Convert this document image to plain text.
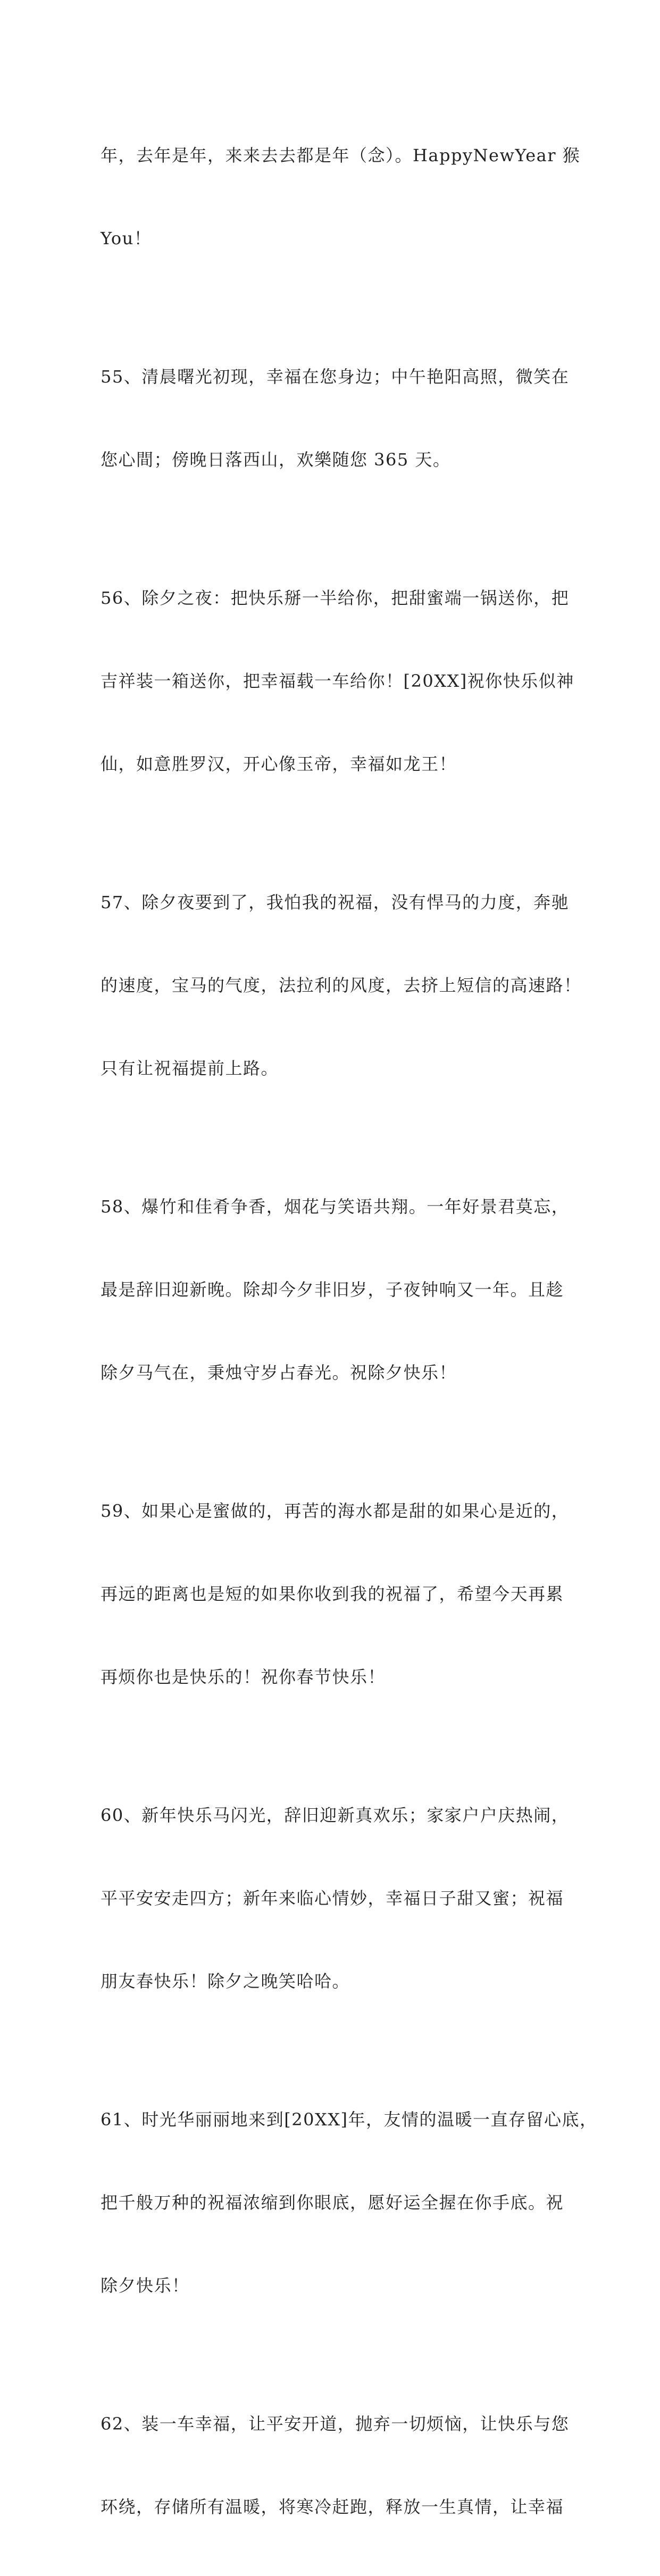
年，去年是年，来来去去都是年（念）。HappyNewYear 猴

You！

55、清晨曙光初现，幸福在您身边；中午艳阳高照，微笑在

您心間；傍晚日落西山，欢樂随您 365 天。

56、除夕之夜：把快乐掰一半给你，把甜蜜端一锅送你，把

吉祥装一箱送你，把幸福载一车给你！[20XX]祝你快乐似神

仙，如意胜罗汉，开心像玉帝，幸福如龙王！

57、除夕夜要到了，我怕我的祝福，没有悍马的力度，奔驰

的速度，宝马的气度，法拉利的风度，去挤上短信的高速路！

只有让祝福提前上路。

58、爆竹和佳肴争香，烟花与笑语共翔。一年好景君莫忘，

最是辞旧迎新晚。除却今夕非旧岁，子夜钟响又一年。且趁

除夕马气在，秉烛守岁占春光。祝除夕快乐！

59、如果心是蜜做的，再苦的海水都是甜的如果心是近的，

再远的距离也是短的如果你收到我的祝福了，希望今天再累

再烦你也是快乐的！祝你春节快乐！

60、新年快乐马闪光，辞旧迎新真欢乐；家家户户庆热闹，

平平安安走四方；新年来临心情妙，幸福日子甜又蜜；祝福

朋友春快乐！除夕之晚笑哈哈。

61、时光华丽丽地来到[20XX]年，友情的温暖一直存留心底，

把千般万种的祝福浓缩到你眼底，愿好运全握在你手底。祝

除夕快乐！

62、装一车幸福，让平安开道，抛弃一切烦恼，让快乐与您

环绕，存储所有温暖，将寒冷赶跑，释放一生真情，让幸福
